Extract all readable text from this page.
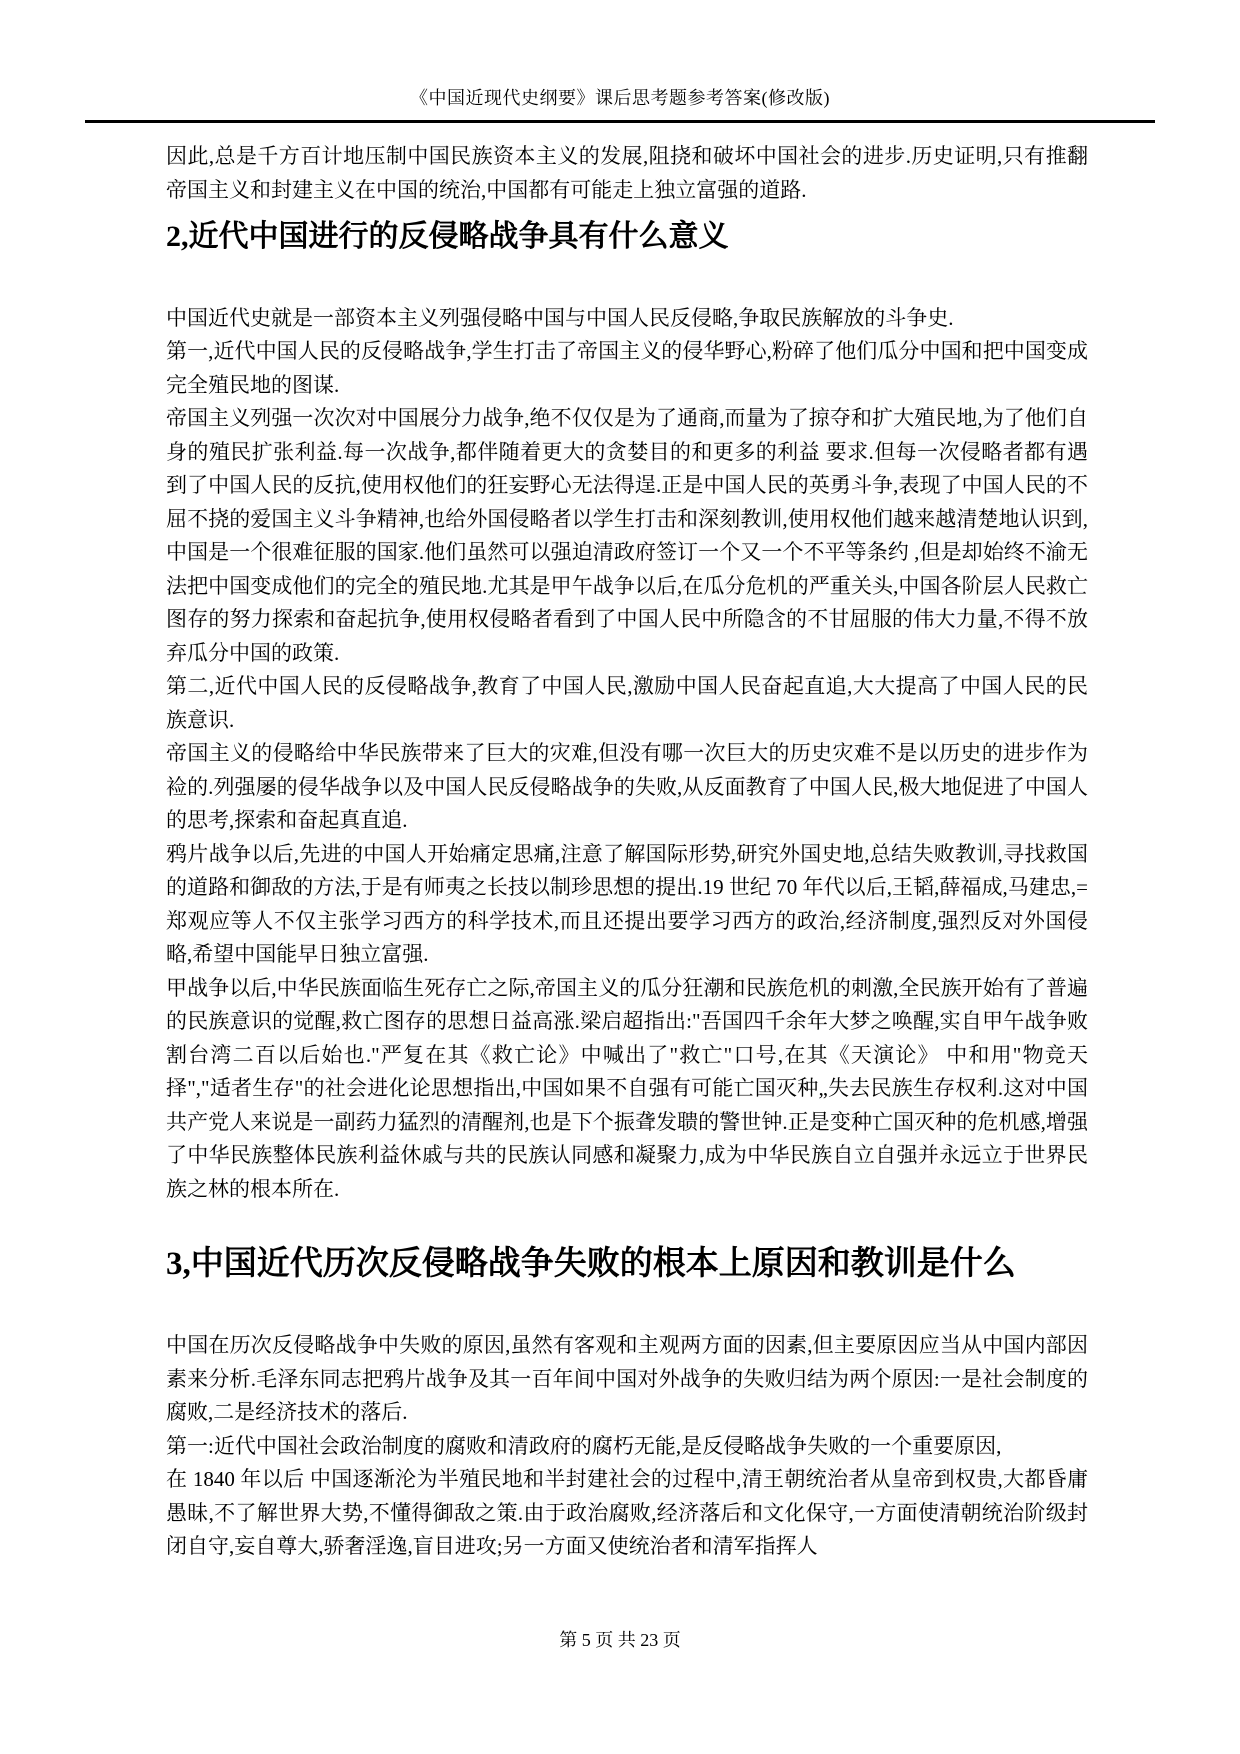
《中国近现代史纲要》课后思考题参考答案(修改版)

因此,总是千方百计地压制中国民族资本主义的发展,阻挠和破坏中国社会的进步.历史证明,只有推翻帝国主义和封建主义在中国的统治,中国都有可能走上独立富强的道路.

2,近代中国进行的反侵略战争具有什么意义

中国近代史就是一部资本主义列强侵略中国与中国人民反侵略,争取民族解放的斗争史.

第一,近代中国人民的反侵略战争,学生打击了帝国主义的侵华野心,粉碎了他们瓜分中国和把中国变成完全殖民地的图谋.

帝国主义列强一次次对中国展分力战争,绝不仅仅是为了通商,而量为了掠夺和扩大殖民地,为了他们自身的殖民扩张利益.每一次战争,都伴随着更大的贪婪目的和更多的利益 要求.但每一次侵略者都有遇到了中国人民的反抗,使用权他们的狂妄野心无法得逞.正是中国人民的英勇斗争,表现了中国人民的不屈不挠的爱国主义斗争精神,也给外国侵略者以学生打击和深刻教训,使用权他们越来越清楚地认识到,中国是一个很难征服的国家.他们虽然可以强迫清政府签订一个又一个不平等条约 ,但是却始终不渝无法把中国变成他们的完全的殖民地.尤其是甲午战争以后,在瓜分危机的严重关头,中国各阶层人民救亡图存的努力探索和奋起抗争,使用权侵略者看到了中国人民中所隐含的不甘屈服的伟大力量,不得不放弃瓜分中国的政策.

第二,近代中国人民的反侵略战争,教育了中国人民,激励中国人民奋起直追,大大提高了中国人民的民族意识.

帝国主义的侵略给中华民族带来了巨大的灾难,但没有哪一次巨大的历史灾难不是以历史的进步作为裣的.列强屡的侵华战争以及中国人民反侵略战争的失败,从反面教育了中国人民,极大地促进了中国人的思考,探索和奋起真直追.

鸦片战争以后,先进的中国人开始痛定思痛,注意了解国际形势,研究外国史地,总结失败教训,寻找救国的道路和御敌的方法,于是有师夷之长技以制珍思想的提出.19 世纪 70 年代以后,王韬,薛福成,马建忠,=郑观应等人不仅主张学习西方的科学技术,而且还提出要学习西方的政治,经济制度,强烈反对外国侵略,希望中国能早日独立富强.

甲战争以后,中华民族面临生死存亡之际,帝国主义的瓜分狂潮和民族危机的刺激,全民族开始有了普遍的民族意识的觉醒,救亡图存的思想日益高涨.梁启超指出:"吾国四千余年大梦之唤醒,实自甲午战争败割台湾二百以后始也."严复在其《救亡论》中喊出了"救亡"口号,在其《天演论》 中和用"物竞天择","适者生存"的社会进化论思想指出,中国如果不自强有可能亡国灭种„失去民族生存权利.这对中国共产党人来说是一副药力猛烈的清醒剂,也是下个振聋发聩的警世钟.正是变种亡国灭种的危机感,增强了中华民族整体民族利益休戚与共的民族认同感和凝聚力,成为中华民族自立自强并永远立于世界民族之林的根本所在.

3,中国近代历次反侵略战争失败的根本上原因和教训是什么

中国在历次反侵略战争中失败的原因,虽然有客观和主观两方面的因素,但主要原因应当从中国内部因素来分析.毛泽东同志把鸦片战争及其一百年间中国对外战争的失败归结为两个原因:一是社会制度的腐败,二是经济技术的落后.

第一:近代中国社会政治制度的腐败和清政府的腐朽无能,是反侵略战争失败的一个重要原因,

在 1840 年以后 中国逐渐沦为半殖民地和半封建社会的过程中,清王朝统治者从皇帝到权贵,大都昏庸愚昧,不了解世界大势,不懂得御敌之策.由于政治腐败,经济落后和文化保守,一方面使清朝统治阶级封闭自守,妄自尊大,骄奢淫逸,盲目进攻;另一方面又使统治者和清军指挥人

第 5 页 共 23 页
